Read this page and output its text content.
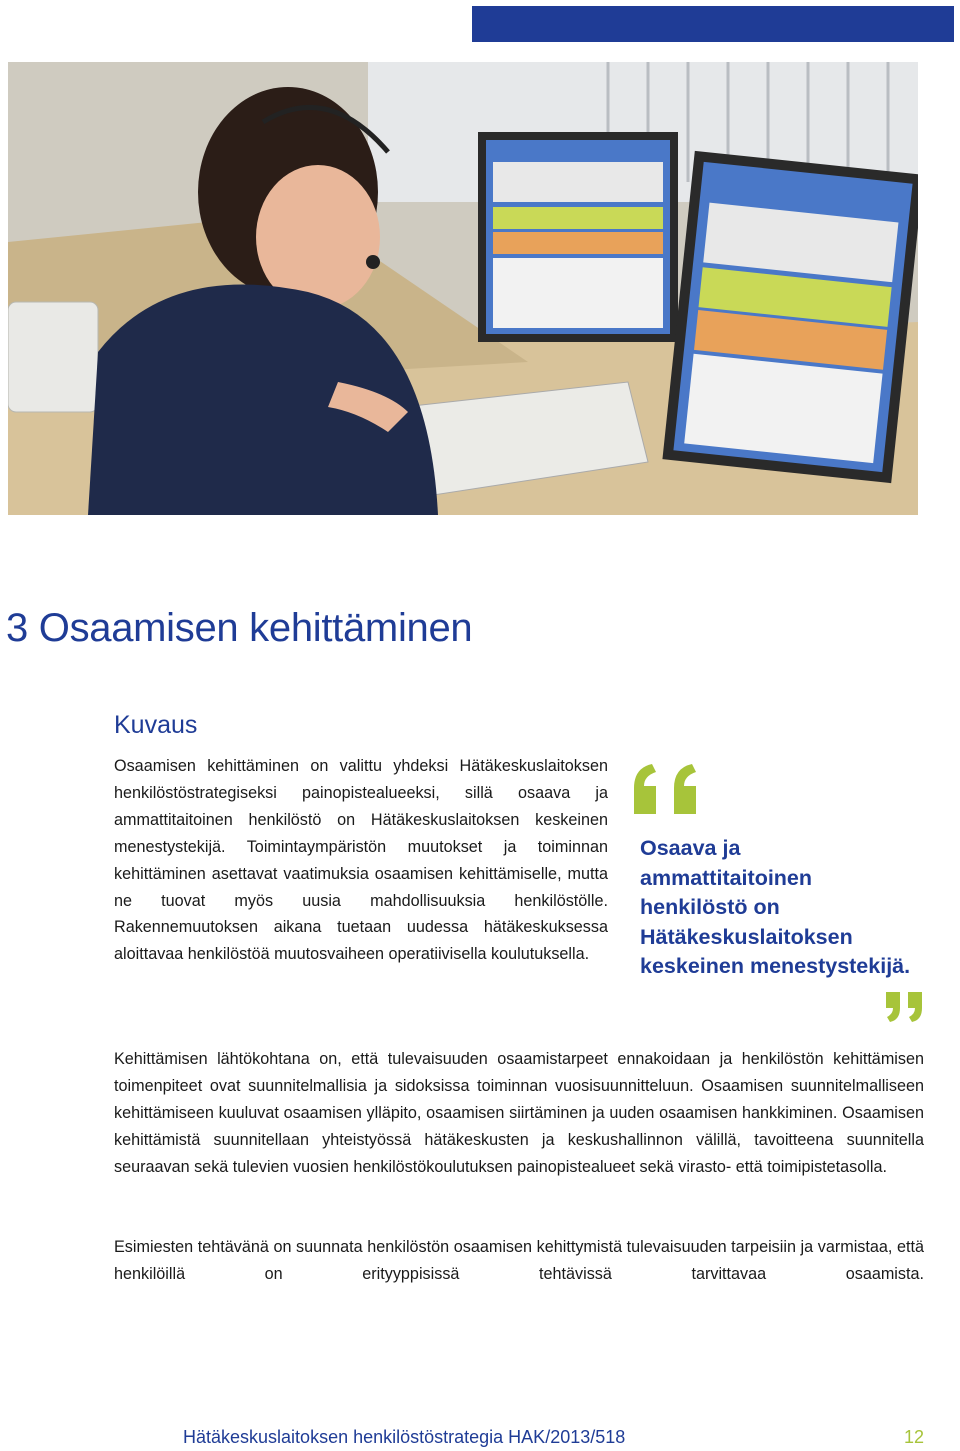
3 Osaamisen kehittäminen
Kuvaus

Osaamisen kehittäminen on valittu yhdeksi Hätäkeskuslaitoksen henkilöstöstrategiseksi painopistealueeksi, sillä osaava ja ammattitaitoinen henkilöstö on Hätäkeskuslaitoksen keskeinen menestystekijä. Toimintaympäristön muutokset ja toiminnan kehittäminen asettavat vaatimuksia osaamisen kehittämiselle, mutta ne tuovat myös uusia mahdollisuuksia henkilöstölle. Rakennemuutoksen aikana tuetaan uudessa hätäkeskuksessa aloittavaa henkilöstöä muutosvaiheen operatiivisella koulutuksella.

Osaava ja
ammattitaitoinen
henkilöstö on
Hätäkeskuslaitoksen
keskeinen menestystekijä.

Kehittämisen lähtökohtana on, että tulevaisuuden osaamistarpeet ennakoidaan ja henkilöstön kehittämisen toimenpiteet ovat suunnitelmallisia ja sidoksissa toiminnan vuosisuunnitteluun. Osaamisen suunnitelmalliseen kehittämiseen kuuluvat osaamisen ylläpito, osaamisen siirtäminen ja uuden osaamisen hankkiminen. Osaamisen kehittämistä suunnitellaan yhteistyössä hätäkeskusten ja keskushallinnon välillä, tavoitteena suunnitella seuraavan sekä tulevien vuosien henkilöstökoulutuksen painopistealueet sekä virasto- että toimipistetasolla.

Esimiesten tehtävänä on suunnata henkilöstön osaamisen kehittymistä tulevaisuuden tarpeisiin ja varmistaa, että henkilöillä on erityyppisissä tehtävissä tarvittavaa osaamista.

Hätäkeskuslaitoksen henkilöstöstrategia HAK/2013/518	12
